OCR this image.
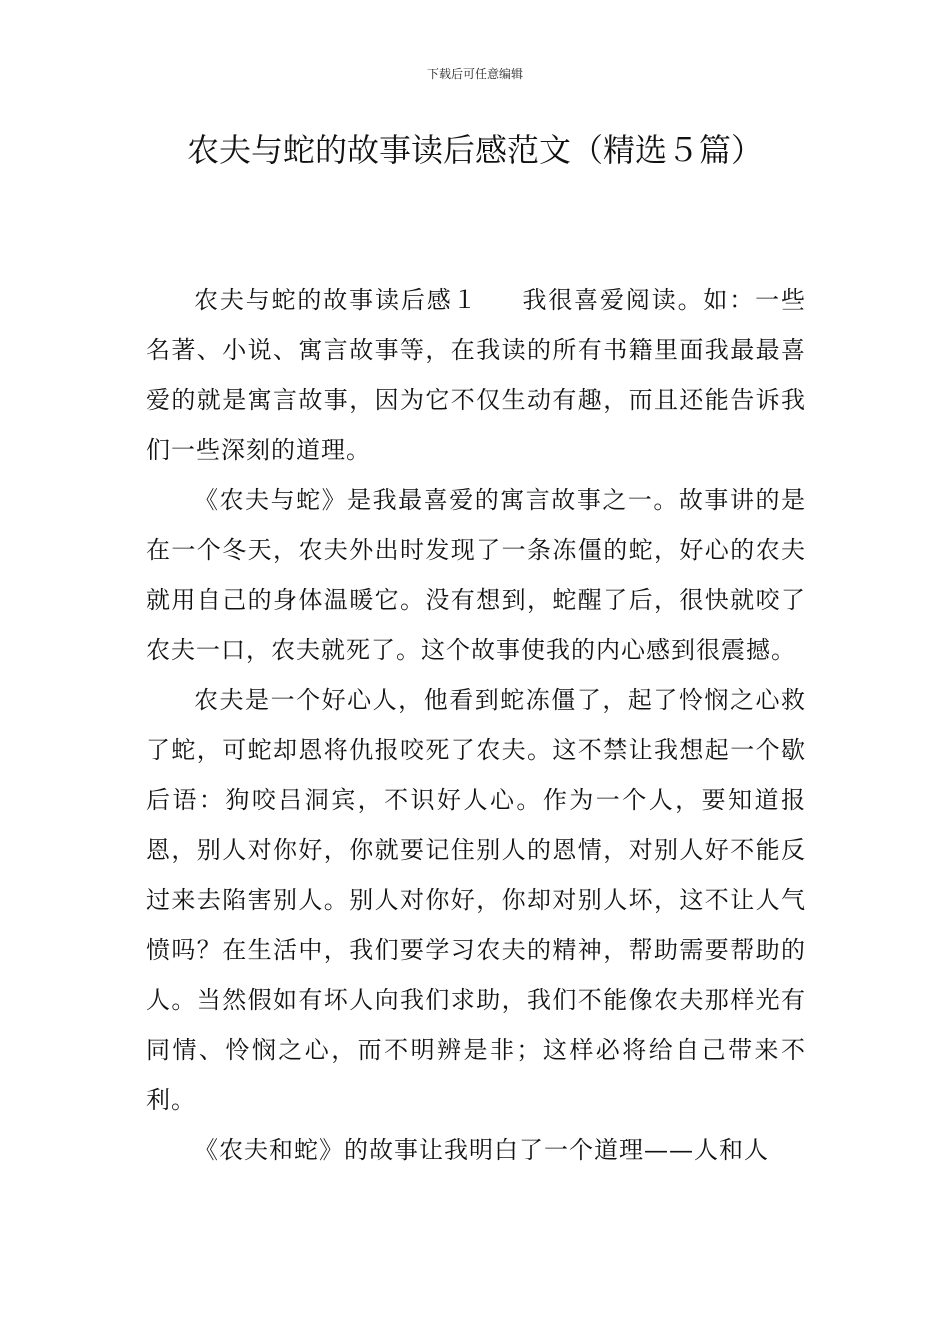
下载后可任意编辑
农夫与蛇的故事读后感范文（精选５篇）

农夫与蛇的故事读后感１ 我很喜爱阅读。如：一些名著、小说、寓言故事等，在我读的所有书籍里面我最最喜爱的就是寓言故事，因为它不仅生动有趣，而且还能告诉我们一些深刻的道理。

《农夫与蛇》是我最喜爱的寓言故事之一。故事讲的是在一个冬天，农夫外出时发现了一条冻僵的蛇，好心的农夫就用自己的身体温暖它。没有想到，蛇醒了后，很快就咬了农夫一口，农夫就死了。这个故事使我的内心感到很震撼。

农夫是一个好心人，他看到蛇冻僵了，起了怜悯之心救了蛇，可蛇却恩将仇报咬死了农夫。这不禁让我想起一个歇后语：狗咬吕洞宾，不识好人心。作为一个人，要知道报恩，别人对你好，你就要记住别人的恩情，对别人好不能反过来去陷害别人。别人对你好，你却对别人坏，这不让人气愤吗？在生活中，我们要学习农夫的精神，帮助需要帮助的人。当然假如有坏人向我们求助，我们不能像农夫那样光有同情、怜悯之心，而不明辨是非；这样必将给自己带来不利。

《农夫和蛇》的故事让我明白了一个道理——人和人
